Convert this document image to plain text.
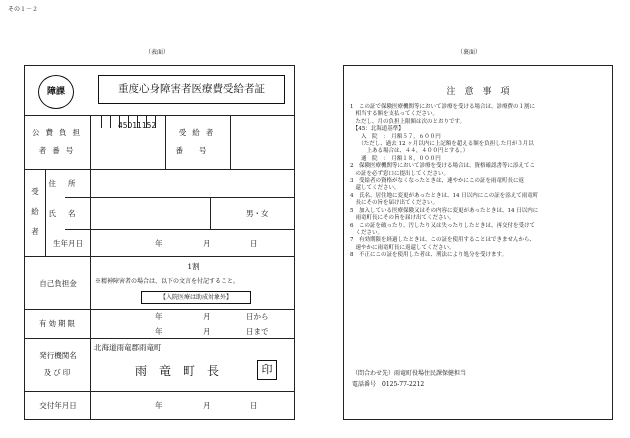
その１－２
（表面）	（裏面）
障課	重度心身障害者医療費受給者証
公費負担
者番号
45011152
受給者
番号
受
給
者
住所
氏名	男・女
生年月日	年	月	日
自己負担金
1割
※精神障害者の場合は、以下の文言を付記すること。
【入院医療は助成対象外】
有効期限
年	月	日から
年	月	日まで
発行機関名
及び印
北海道雨竜郡雨竜町
雨竜町長	印
交付年月日	年	月	日
注　意　事　項

1　この証で保険医療機関等において診療を受ける場合は、診療費の１割に

　相当する額を支払ってください。

　ただし、月の負担上限額は次のとおりです。

　【45：北海道基準】

　　入　院　：　月額５７，６００円

　　（ただし、過去 12 ヶ月以内に上記額を超える額を負担した月が３月以

　　　上ある場合は、４４，４００円とする。）

　　通　院　：　月額１８，０００円

2　保険医療機関等において診療を受ける場合は、資格確認書等に添えてこ

　の証を必ず窓口に提出してください。

3　受給者の資格がなくなったときは、速やかにこの証を雨竜町長に返

　還してください。

4　氏名、居住地に変更があったときは、14 日以内にこの証を添えて雨竜町

　長にその旨を届け出てください。

5　加入している医療保険又はその内容に変更があったときは、14 日以内に

　雨竜町長にその旨を届け出てください。

6　この証を破ったり、汚したり又は失ったりしたときは、再交付を受けて

　ください。

7　有効期限を経過したときは、この証を使用することはできませんから、

　速やかに雨竜町長に返還してください。

8　不正にこの証を使用した者は、刑法により処分を受けます。

（問合わせ先）雨竜町役場住民課保健担当
電話番号　0125-77-2212
